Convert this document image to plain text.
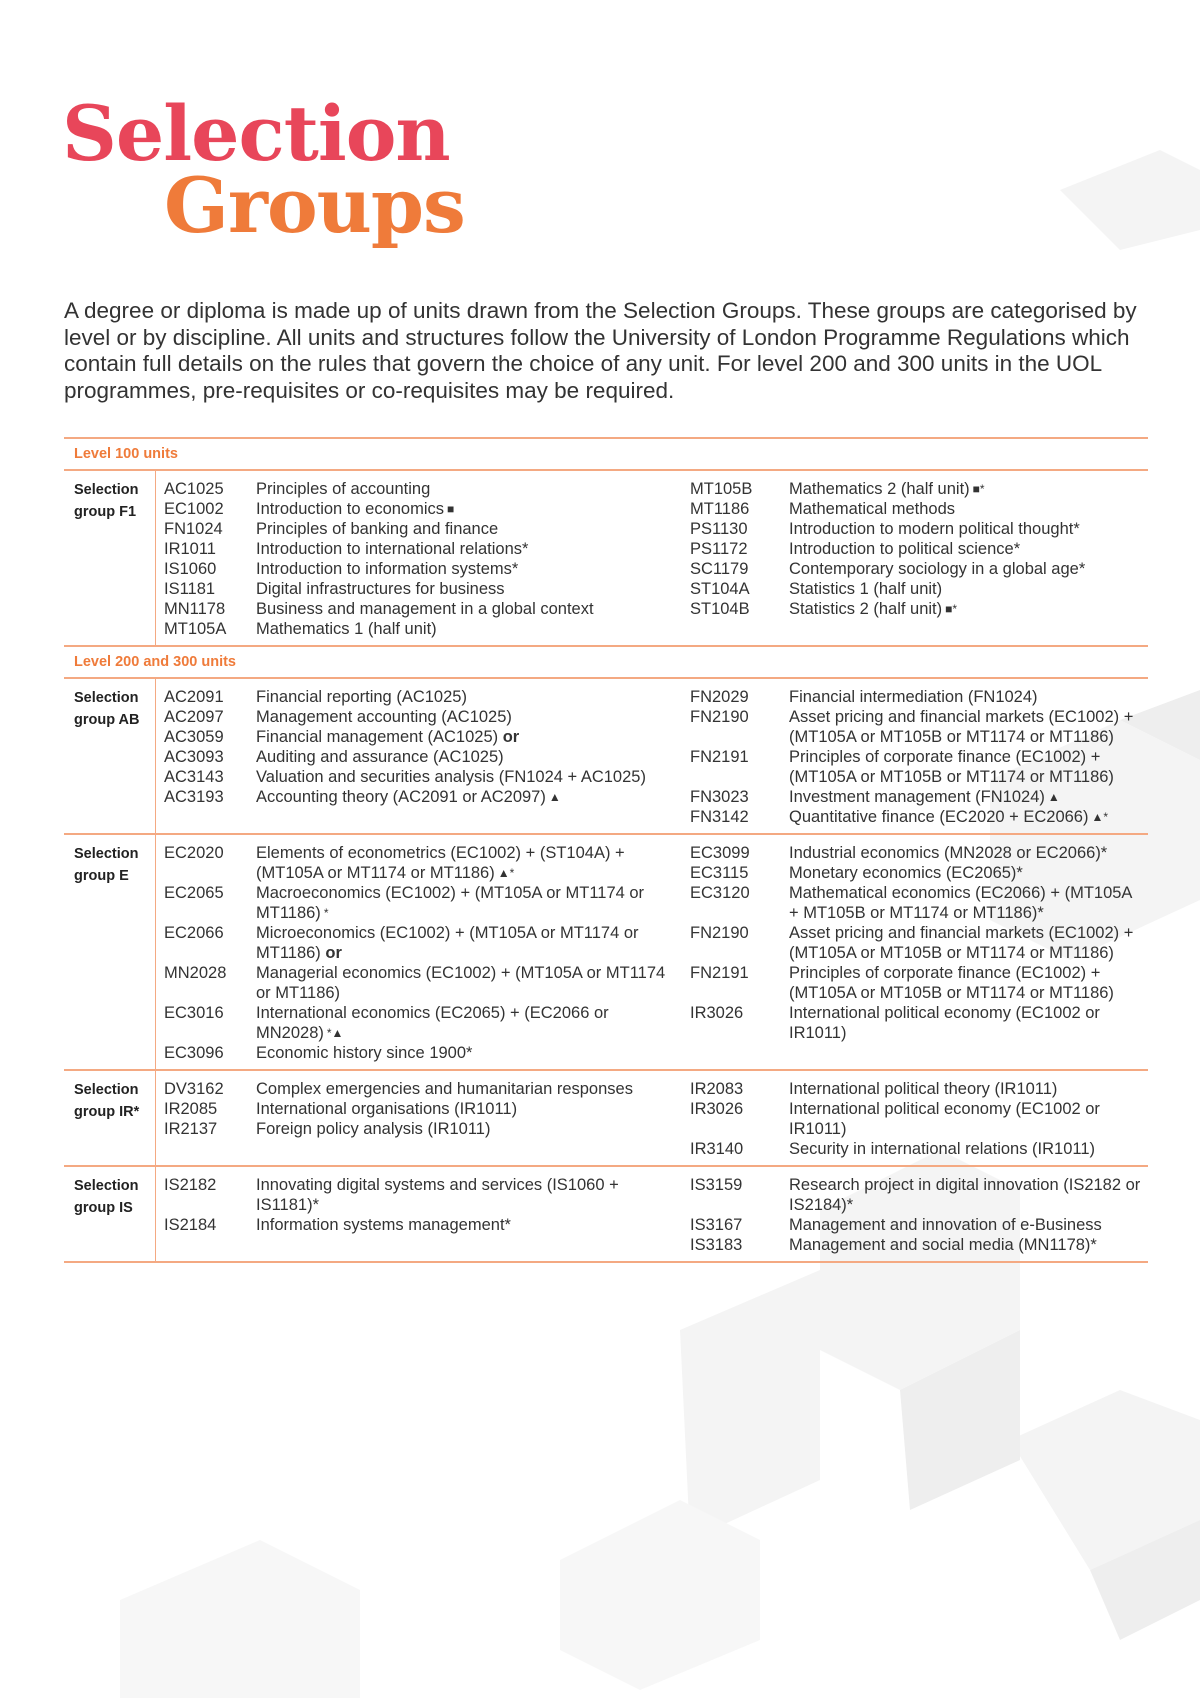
Selection
Groups

A degree or diploma is made up of units drawn from the Selection Groups. These groups are categorised by level or by discipline. All units and structures follow the University of London Programme Regulations which contain full details on the rules that govern the choice of any unit. For level 200 and 300 units in the UOL programmes, pre-requisites or co-requisites may be required.

Level 100 units
Selection group F1
AC1025	Principles of accounting
EC1002	Introduction to economics ■
FN1024	Principles of banking and finance
IR1011	Introduction to international relations*
IS1060	Introduction to information systems*
IS1181	Digital infrastructures for business
MN1178	Business and management in a global context
MT105A	Mathematics 1 (half unit)
MT105B	Mathematics 2 (half unit) ■*
MT1186	Mathematical methods
PS1130	Introduction to modern political thought*
PS1172	Introduction to political science*
SC1179	Contemporary sociology in a global age*
ST104A	Statistics 1 (half unit)
ST104B	Statistics 2 (half unit) ■*
Level 200 and 300 units
Selection group AB
AC2091	Financial reporting (AC1025)
AC2097	Management accounting (AC1025)
AC3059	Financial management (AC1025) or
AC3093	Auditing and assurance (AC1025)
AC3143	Valuation and securities analysis (FN1024 + AC1025)
AC3193	Accounting theory (AC2091 or AC2097) ▲
FN2029	Financial intermediation (FN1024)
FN2190	Asset pricing and financial markets (EC1002) + (MT105A or MT105B or MT1174 or MT1186)
FN2191	Principles of corporate finance (EC1002) + (MT105A or MT105B or MT1174 or MT1186)
FN3023	Investment management (FN1024) ▲
FN3142	Quantitative finance (EC2020 + EC2066) ▲*
Selection group E
EC2020	Elements of econometrics (EC1002) + (ST104A) + (MT105A or MT1174 or MT1186) ▲*
EC2065	Macroeconomics (EC1002) + (MT105A or MT1174 or MT1186) *
EC2066	Microeconomics (EC1002) + (MT105A or MT1174 or MT1186) or
MN2028	Managerial economics (EC1002) + (MT105A or MT1174 or MT1186)
EC3016	International economics (EC2065) + (EC2066 or MN2028) *▲
EC3096	Economic history since 1900*
EC3099	Industrial economics (MN2028 or EC2066)*
EC3115	Monetary economics (EC2065)*
EC3120	Mathematical economics (EC2066) + (MT105A + MT105B or MT1174 or MT1186)*
FN2190	Asset pricing and financial markets (EC1002) + (MT105A or MT105B or MT1174 or MT1186)
FN2191	Principles of corporate finance (EC1002) + (MT105A or MT105B or MT1174 or MT1186)
IR3026	International political economy (EC1002 or IR1011)
Selection group IR*
DV3162	Complex emergencies and humanitarian responses
IR2085	International organisations (IR1011)
IR2137	Foreign policy analysis (IR1011)
IR2083	International political theory (IR1011)
IR3026	International political economy (EC1002 or IR1011)
IR3140	Security in international relations (IR1011)
Selection group IS
IS2182	Innovating digital systems and services (IS1060 + IS1181)*
IS2184	Information systems management*
IS3159	Research project in digital innovation (IS2182 or IS2184)*
IS3167	Management and innovation of e-Business
IS3183	Management and social media (MN1178)*
